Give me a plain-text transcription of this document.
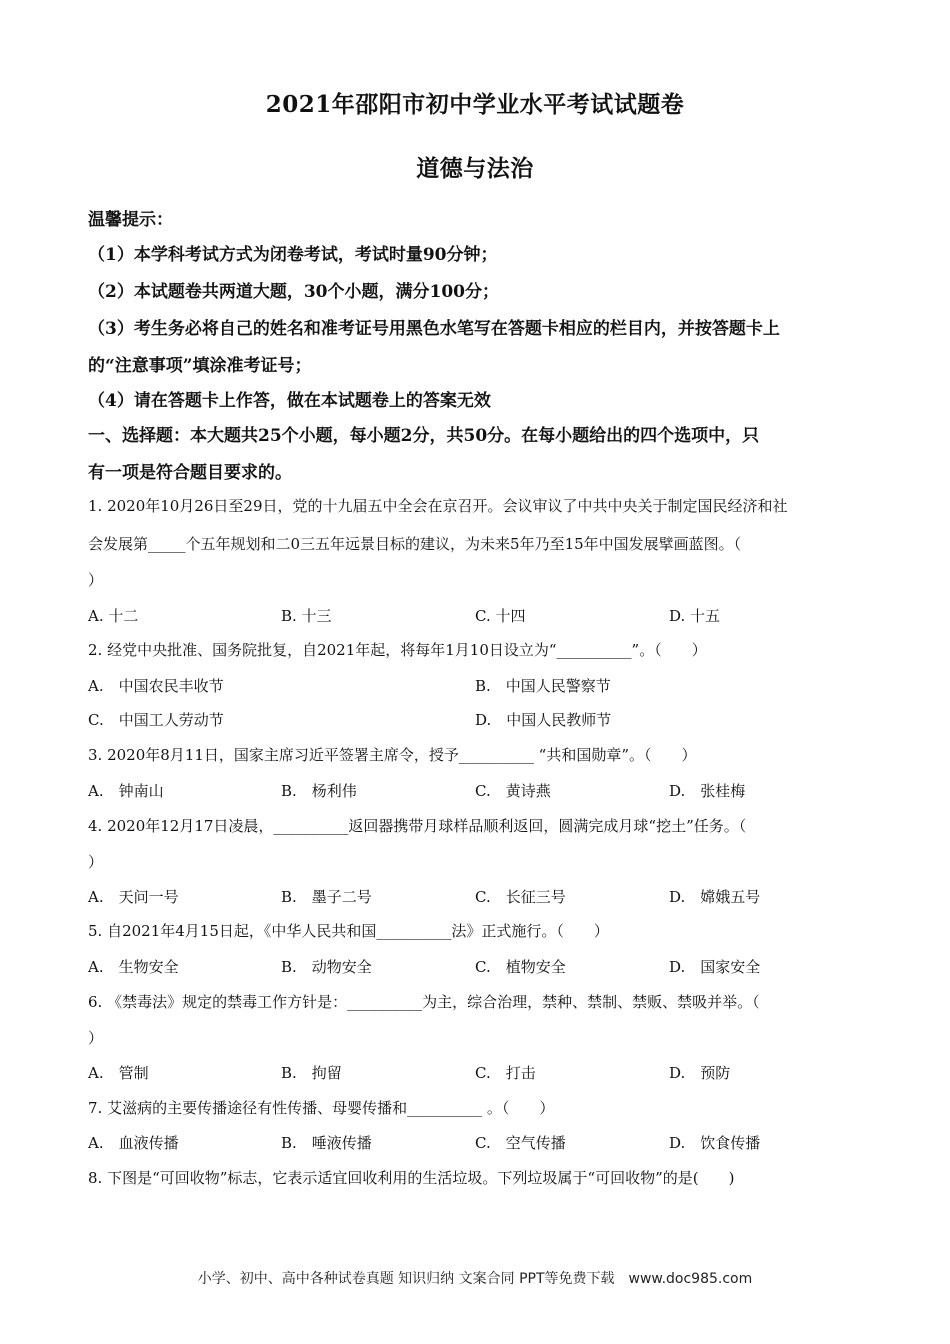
2021年邵阳市初中学业水平考试试题卷
道德与法治
温馨提示：
（1）本学科考试方式为闭卷考试，考试时量90分钟；
（2）本试题卷共两道大题，30个小题，满分100分；
（3）考生务必将自己的姓名和准考证号用黑色水笔写在答题卡相应的栏目内，并按答题卡上
的“注意事项”填涂准考证号；
（4）请在答题卡上作答，做在本试题卷上的答案无效
一、选择题：本大题共25个小题，每小题2分，共50分。在每小题给出的四个选项中，只
有一项是符合题目要求的。
1. 2020年10月26日至29日，党的十九届五中全会在京召开。会议审议了中共中央关于制定国民经济和社
会发展第_____个五年规划和二0三五年远景目标的建议，为未来5年乃至15年中国发展擘画蓝图。（
）
A. 十二	B. 十三	C. 十四	D. 十五
2. 经党中央批准、国务院批复，自2021年起，将每年1月10日设立为“__________”。（　　）
A.　中国农民丰收节	B.　中国人民警察节
C.　中国工人劳动节	D.　中国人民教师节
3. 2020年8月11日，国家主席习近平签署主席令，授予__________ “共和国勋章”。（　　）
A.　钟南山	B.　杨利伟	C.　黄诗燕	D.　张桂梅
4. 2020年12月17日凌晨，__________返回器携带月球样品顺利返回，圆满完成月球“挖土”任务。（
）
A.　天问一号	B.　墨子二号	C.　长征三号	D.　嫦娥五号
5. 自2021年4月15日起，《中华人民共和国__________法》正式施行。（　　）
A.　生物安全	B.　动物安全	C.　植物安全	D.　国家安全
6. 《禁毒法》规定的禁毒工作方针是：__________为主，综合治理，禁种、禁制、禁贩、禁吸并举。（
）
A.　管制	B.　拘留	C.　打击	D.　预防
7. 艾滋病的主要传播途径有性传播、母婴传播和__________ 。（　　）
A.　血液传播	B.　唾液传播	C.　空气传播	D.　饮食传播
8. 下图是“可回收物”标志，它表示适宜回收利用的生活垃圾。下列垃圾属于“可回收物”的是(　　)
小学、初中、高中各种试卷真题 知识归纳 文案合同 PPT等免费下载　www.doc985.com
